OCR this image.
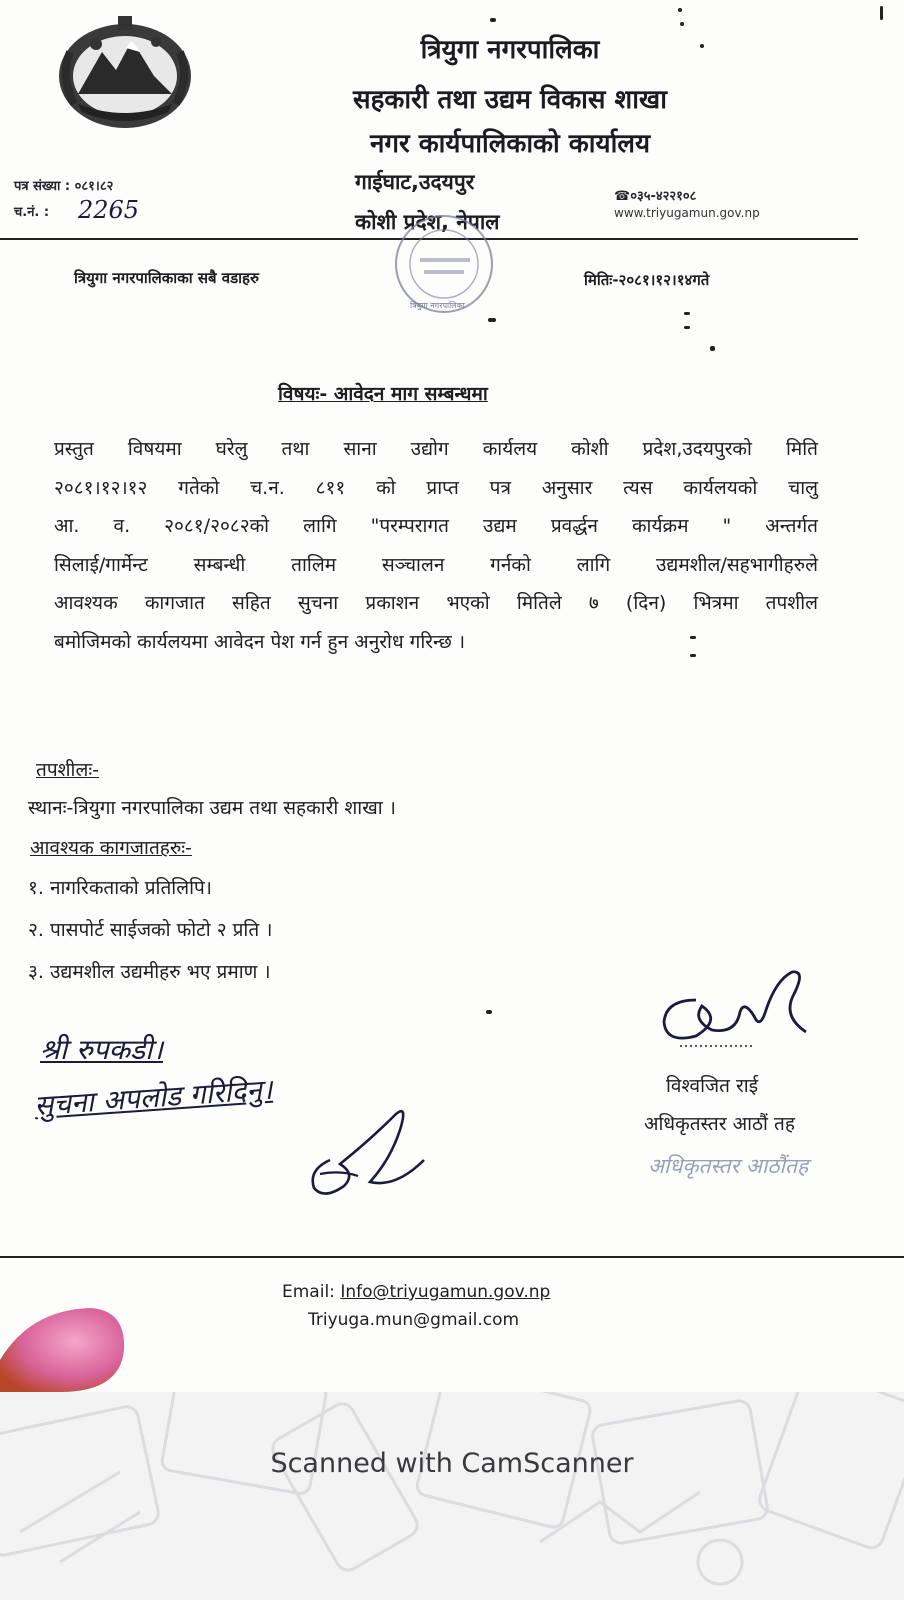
त्रियुगा नगरपालिका
सहकारी तथा उद्यम विकास शाखा
नगर कार्यपालिकाको कार्यालय
गाईघाट,उदयपुर
कोशी प्रदेश, नेपाल
पत्र संख्या : ०८१।८२
च.नं. : 2265	☎०३५-४२२१०८
www.triyugamun.gov.np
त्रियुगा नगरपालिका
त्रियुगा नगरपालिकाका सबै वडाहरु	मितिः-२०८१।१२।१४गते
विषयः- आवेदन माग सम्बन्धमा
प्रस्तुत विषयमा घरेलु तथा साना उद्योग कार्यलय कोशी प्रदेश,उदयपुरको मिति
२०८१।१२।१२ गतेको च.न. ८११ को प्राप्त पत्र अनुसार त्यस कार्यलयको चालु
आ. व. २०८१/२०८२को लागि "परम्परागत उद्यम प्रवर्द्धन कार्यक्रम " अन्तर्गत
सिलाई/गार्मेन्ट सम्बन्धी तालिम सञ्चालन गर्नको लागि उद्यमशील/सहभागीहरुले
आवश्यक कागजात सहित सुचना प्रकाशन भएको मितिले ७ (दिन) भित्रमा तपशील
बमोजिमको कार्यलयमा आवेदन पेश गर्न हुन अनुरोध गरिन्छ ।
तपशीलः-
स्थानः-त्रियुगा नगरपालिका उद्यम तथा सहकारी शाखा ।
आवश्यक कागजातहरुः-
१. नागरिकताको प्रतिलिपि।
२. पासपोर्ट साईजको फोटो २ प्रति ।
३. उद्यमशील उद्यमीहरु भए प्रमाण ।
श्री रुपकडी।
सुचना अपलोड गरिदिनु।	विश्वजित राई
अधिकृतस्तर आठौं तह
अधिकृतस्तर आठौंतह
Email: Info@triyugamun.gov.np
Triyuga.mun@gmail.com
Scanned with CamScanner
